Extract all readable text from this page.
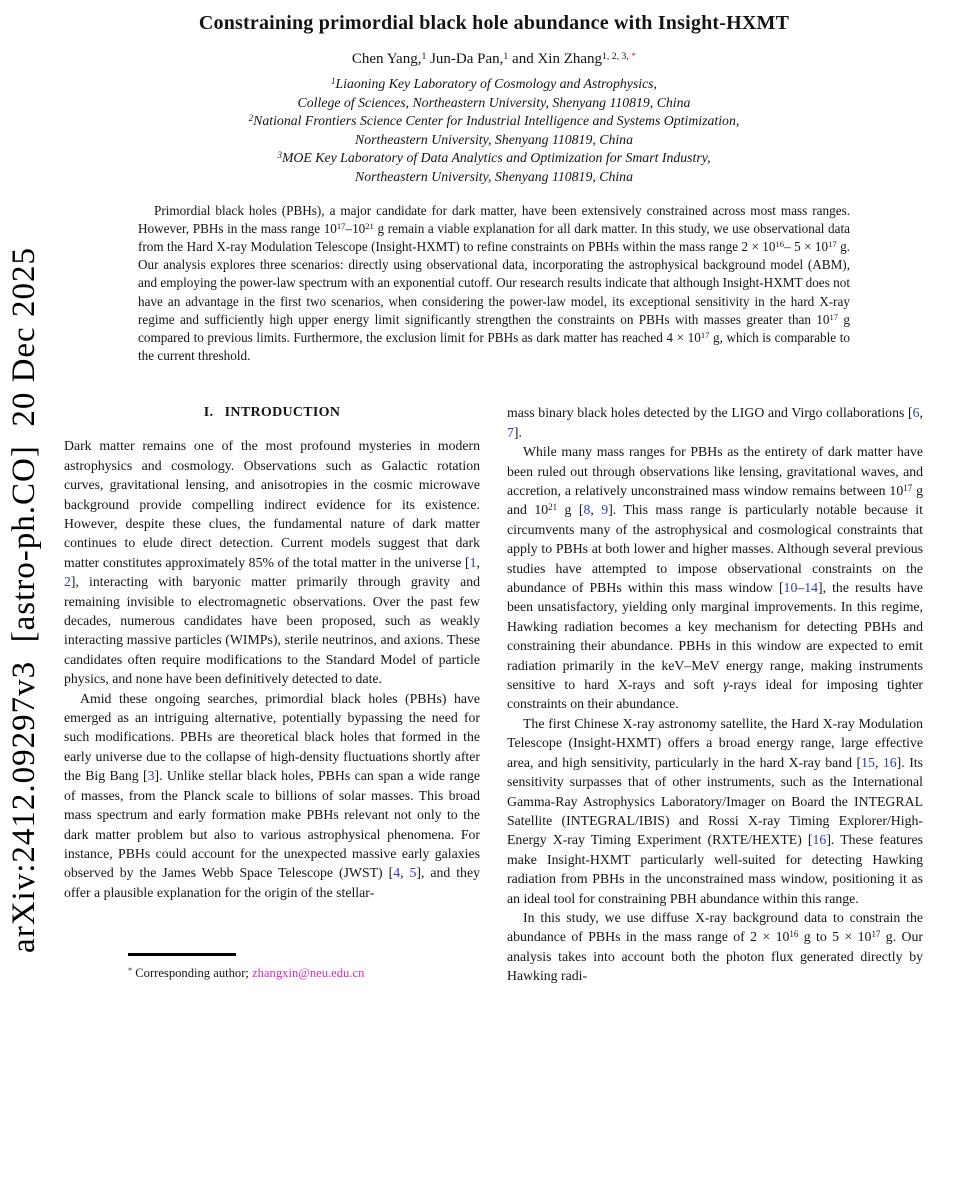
arXiv:2412.09297v3  [astro-ph.CO]  20 Dec 2025
Constraining primordial black hole abundance with Insight-HXMT
Chen Yang,$^1$ Jun-Da Pan,$^1$ and Xin Zhang$^{1, 2, 3,}$ *
$^1$Liaoning Key Laboratory of Cosmology and Astrophysics,
College of Sciences, Northeastern University, Shenyang 110819, China
$^2$National Frontiers Science Center for Industrial Intelligence and Systems Optimization,
Northeastern University, Shenyang 110819, China
$^3$MOE Key Laboratory of Data Analytics and Optimization for Smart Industry,
Northeastern University, Shenyang 110819, China

Primordial black holes (PBHs), a major candidate for dark matter, have been extensively constrained across most mass ranges. However, PBHs in the mass range $10^{17}-10^{21}$ g remain a viable explanation for all dark matter. In this study, we use observational data from the Hard X-ray Modulation Telescope (Insight-HXMT) to refine constraints on PBHs within the mass range $2 \times 10^{16}-$ $5 \times 10^{17}$ g. Our analysis explores three scenarios: directly using observational data, incorporating the astrophysical background model (ABM), and employing the power-law spectrum with an exponential cutoff. Our research results indicate that although Insight-HXMT does not have an advantage in the first two scenarios, when considering the power-law model, its exceptional sensitivity in the hard X-ray regime and sufficiently high upper energy limit significantly strengthen the constraints on PBHs with masses greater than $10^{17}$ g compared to previous limits. Furthermore, the exclusion limit for PBHs as dark matter has reached $4 \times 10^{17}$ g, which is comparable to the current threshold.

I.   INTRODUCTION

Dark matter remains one of the most profound mysteries in modern astrophysics and cosmology. Observations such as Galactic rotation curves, gravitational lensing, and anisotropies in the cosmic microwave background provide compelling indirect evidence for its existence. However, despite these clues, the fundamental nature of dark matter continues to elude direct detection. Current models suggest that dark matter constitutes approximately 85% of the total matter in the universe [1, 2], interacting with baryonic matter primarily through gravity and remaining invisible to electromagnetic observations. Over the past few decades, numerous candidates have been proposed, such as weakly interacting massive particles (WIMPs), sterile neutrinos, and axions. These candidates often require modifications to the Standard Model of particle physics, and none have been definitively detected to date.

Amid these ongoing searches, primordial black holes (PBHs) have emerged as an intriguing alternative, potentially bypassing the need for such modifications. PBHs are theoretical black holes that formed in the early universe due to the collapse of high-density fluctuations shortly after the Big Bang [3]. Unlike stellar black holes, PBHs can span a wide range of masses, from the Planck scale to billions of solar masses. This broad mass spectrum and early formation make PBHs relevant not only to the dark matter problem but also to various astrophysical phenomena. For instance, PBHs could account for the unexpected massive early galaxies observed by the James Webb Space Telescope (JWST) [4, 5], and they offer a plausible explanation for the origin of the stellar-

mass binary black holes detected by the LIGO and Virgo collaborations [6, 7].

While many mass ranges for PBHs as the entirety of dark matter have been ruled out through observations like lensing, gravitational waves, and accretion, a relatively unconstrained mass window remains between $10^{17}$ g and $10^{21}$ g [8, 9]. This mass range is particularly notable because it circumvents many of the astrophysical and cosmological constraints that apply to PBHs at both lower and higher masses. Although several previous studies have attempted to impose observational constraints on the abundance of PBHs within this mass window [10–14], the results have been unsatisfactory, yielding only marginal improvements. In this regime, Hawking radiation becomes a key mechanism for detecting PBHs and constraining their abundance. PBHs in this window are expected to emit radiation primarily in the keV–MeV energy range, making instruments sensitive to hard X-rays and soft γ-rays ideal for imposing tighter constraints on their abundance.

The first Chinese X-ray astronomy satellite, the Hard X-ray Modulation Telescope (Insight-HXMT) offers a broad energy range, large effective area, and high sensitivity, particularly in the hard X-ray band [15, 16]. Its sensitivity surpasses that of other instruments, such as the International Gamma-Ray Astrophysics Laboratory/Imager on Board the INTEGRAL Satellite (INTEGRAL/IBIS) and Rossi X-ray Timing Explorer/High-Energy X-ray Timing Experiment (RXTE/HEXTE) [16]. These features make Insight-HXMT particularly well-suited for detecting Hawking radiation from PBHs in the unconstrained mass window, positioning it as an ideal tool for constraining PBH abundance within this range.

In this study, we use diffuse X-ray background data to constrain the abundance of PBHs in the mass range of $2 \times 10^{16}$ g to $5 \times 10^{17}$ g. Our analysis takes into account both the photon flux generated directly by Hawking radi-

* Corresponding author; zhangxin@neu.edu.cn
